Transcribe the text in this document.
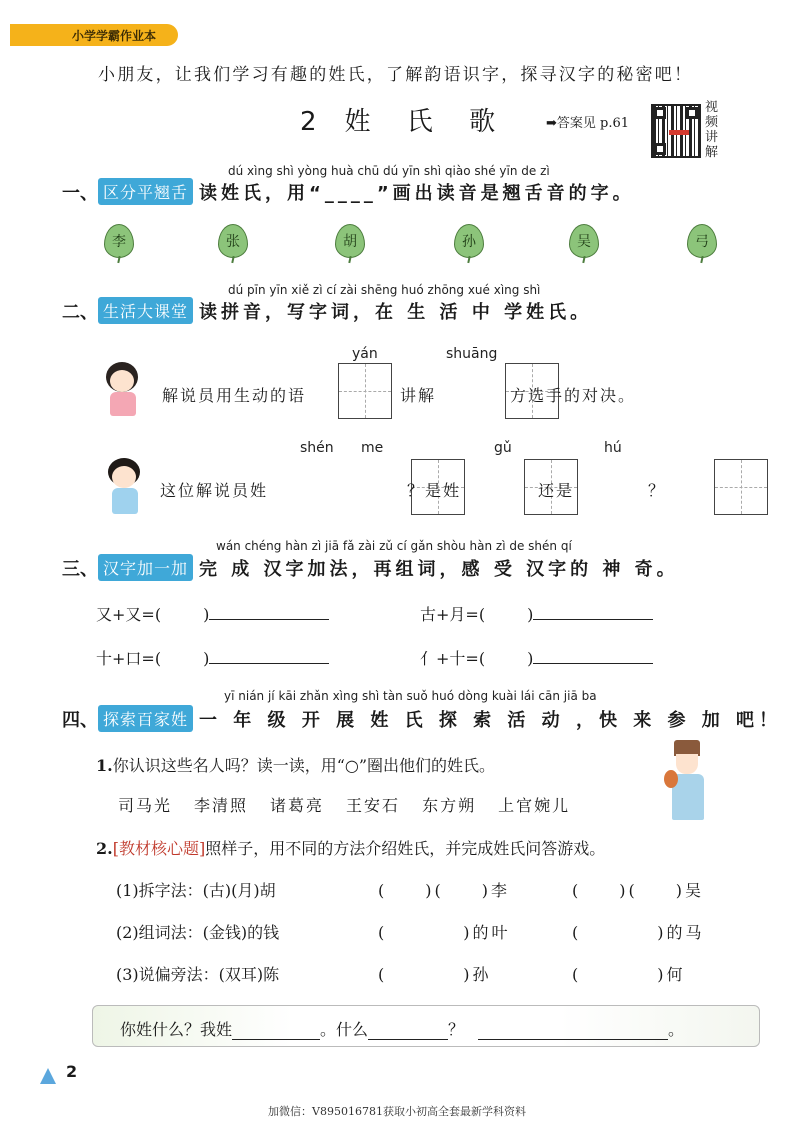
小学学霸作业本
小朋友，让我们学习有趣的姓氏，了解韵语识字，探寻汉字的秘密吧！
2 姓 氏 歌	➡答案见 p.61
视频讲解
dú xìng shì yòng huà chū dú yīn shì qiào shé yīn de zì
一、 区分平翘舌 读姓氏，用“____”画出读音是翘舌音的字。
李	张	胡	孙	吴	弓
dú pīn yīn xiě zì cí zài shēng huó zhōng xué xìng shì
二、 生活大课堂 读拼音，写字词，在 生 活 中 学姓氏。
yán	shuāng
解说员用生动的语
	讲解
	方选手的对决。
shén me	gǔ	hú
这位解说员姓
	？是姓
	还是	？
wán chéng hàn zì jiā fǎ zài zǔ cí gǎn shòu hàn zì de shén qí
三、 汉字加一加 完 成 汉字加法，再组词，感 受 汉字的 神 奇。
又+又=(	)	古+月=(	)
十+口=(	)	亻+十=(	)
yī nián jí kāi zhǎn xìng shì tàn suǒ huó dòng kuài lái cān jiā ba
四、 探索百家姓 一 年 级 开 展 姓 氏 探 索 活 动 ，快 来 参 加 吧！
1.你认识这些名人吗？读一读，用“○”圈出他们的姓氏。
司马光 李清照 诸葛亮 王安石 东方朔 上官婉儿
2.[教材核心题]照样子，用不同的方法介绍姓氏，并完成姓氏问答游戏。
(1)拆字法：(古)(月)胡	(　　)(　　)李	(　　)(　　)吴
(2)组词法：(金钱)的钱	(　　　　)的叶	(　　　　)的马
(3)说偏旁法：(双耳)陈	(　　　　)孙	(　　　　)何
你姓什么？我姓	。什么	？	。
2
加微信：V895016781获取小初高全套最新学科资料
